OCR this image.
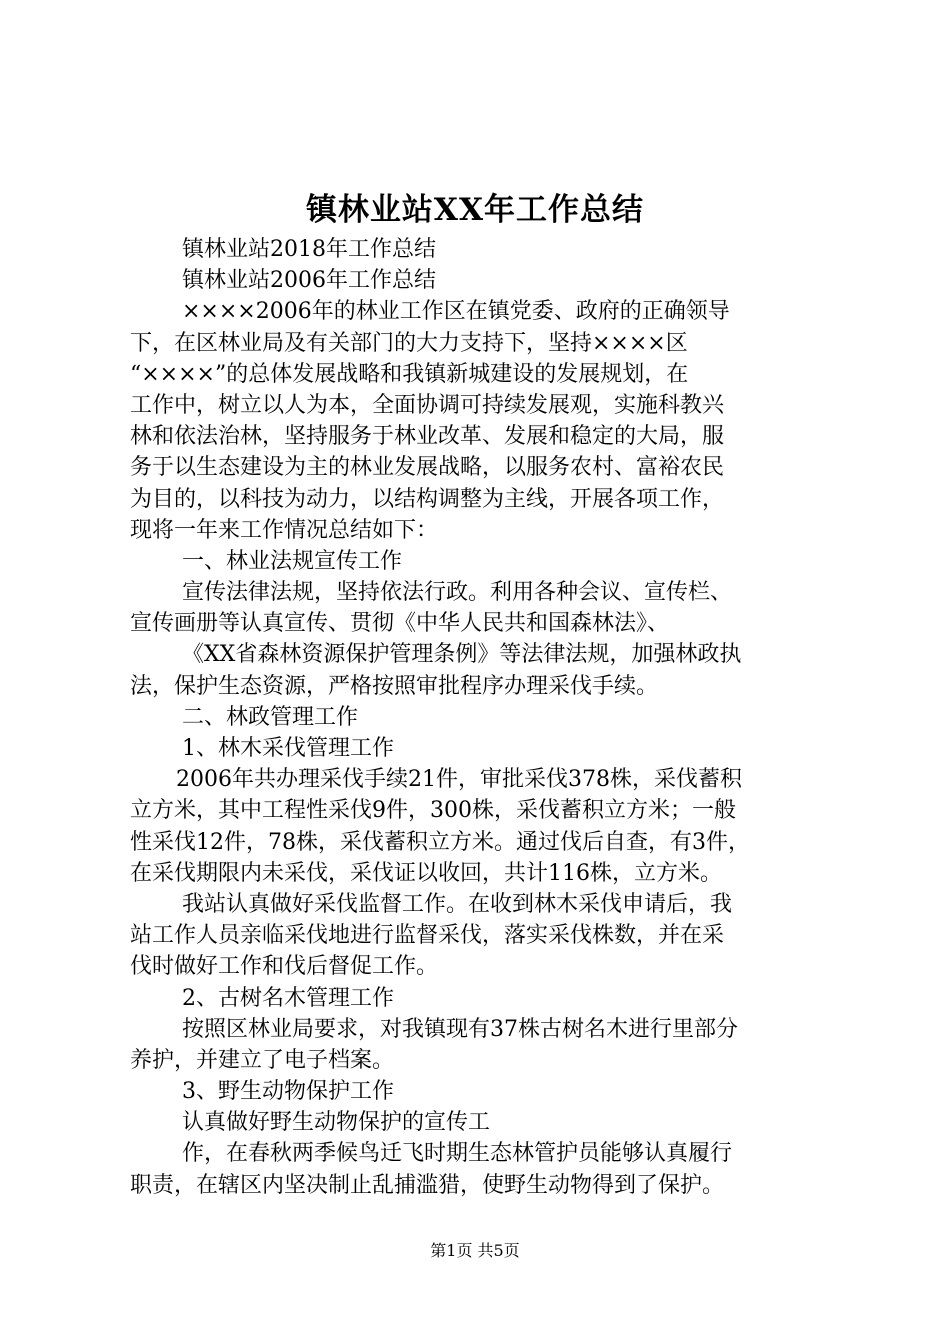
镇林业站XX年工作总结
镇林业站2018年工作总结
镇林业站2006年工作总结
××××2006年的林业工作区在镇党委、政府的正确领导
下，在区林业局及有关部门的大力支持下，坚持××××区
“××××”的总体发展战略和我镇新城建设的发展规划，在
工作中，树立以人为本，全面协调可持续发展观，实施科教兴
林和依法治林，坚持服务于林业改革、发展和稳定的大局，服
务于以生态建设为主的林业发展战略，以服务农村、富裕农民
为目的，以科技为动力，以结构调整为主线，开展各项工作，
现将一年来工作情况总结如下：
一、林业法规宣传工作
宣传法律法规，坚持依法行政。利用各种会议、宣传栏、
宣传画册等认真宣传、贯彻《中华人民共和国森林法》、
《XX省森林资源保护管理条例》等法律法规，加强林政执
法，保护生态资源，严格按照审批程序办理采伐手续。
二、林政管理工作
1、林木采伐管理工作
2006年共办理采伐手续21件，审批采伐378株，采伐蓄积
立方米，其中工程性采伐9件，300株，采伐蓄积立方米；一般
性采伐12件，78株，采伐蓄积立方米。通过伐后自查，有3件，
在采伐期限内未采伐，采伐证以收回，共计116株，立方米。
我站认真做好采伐监督工作。在收到林木采伐申请后，我
站工作人员亲临采伐地进行监督采伐，落实采伐株数，并在采
伐时做好工作和伐后督促工作。
2、古树名木管理工作
按照区林业局要求，对我镇现有37株古树名木进行里部分
养护，并建立了电子档案。
3、野生动物保护工作
认真做好野生动物保护的宣传工
作，在春秋两季候鸟迁飞时期生态林管护员能够认真履行
职责，在辖区内坚决制止乱捕滥猎，使野生动物得到了保护。
第1页 共5页
